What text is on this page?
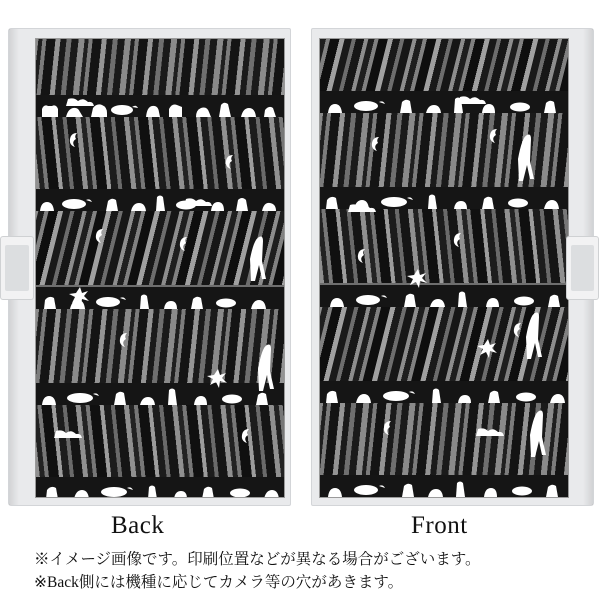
Back	Front
※イメージ画像です。印刷位置などが異なる場合がございます。
※Back側には機種に応じてカメラ等の穴があきます。
